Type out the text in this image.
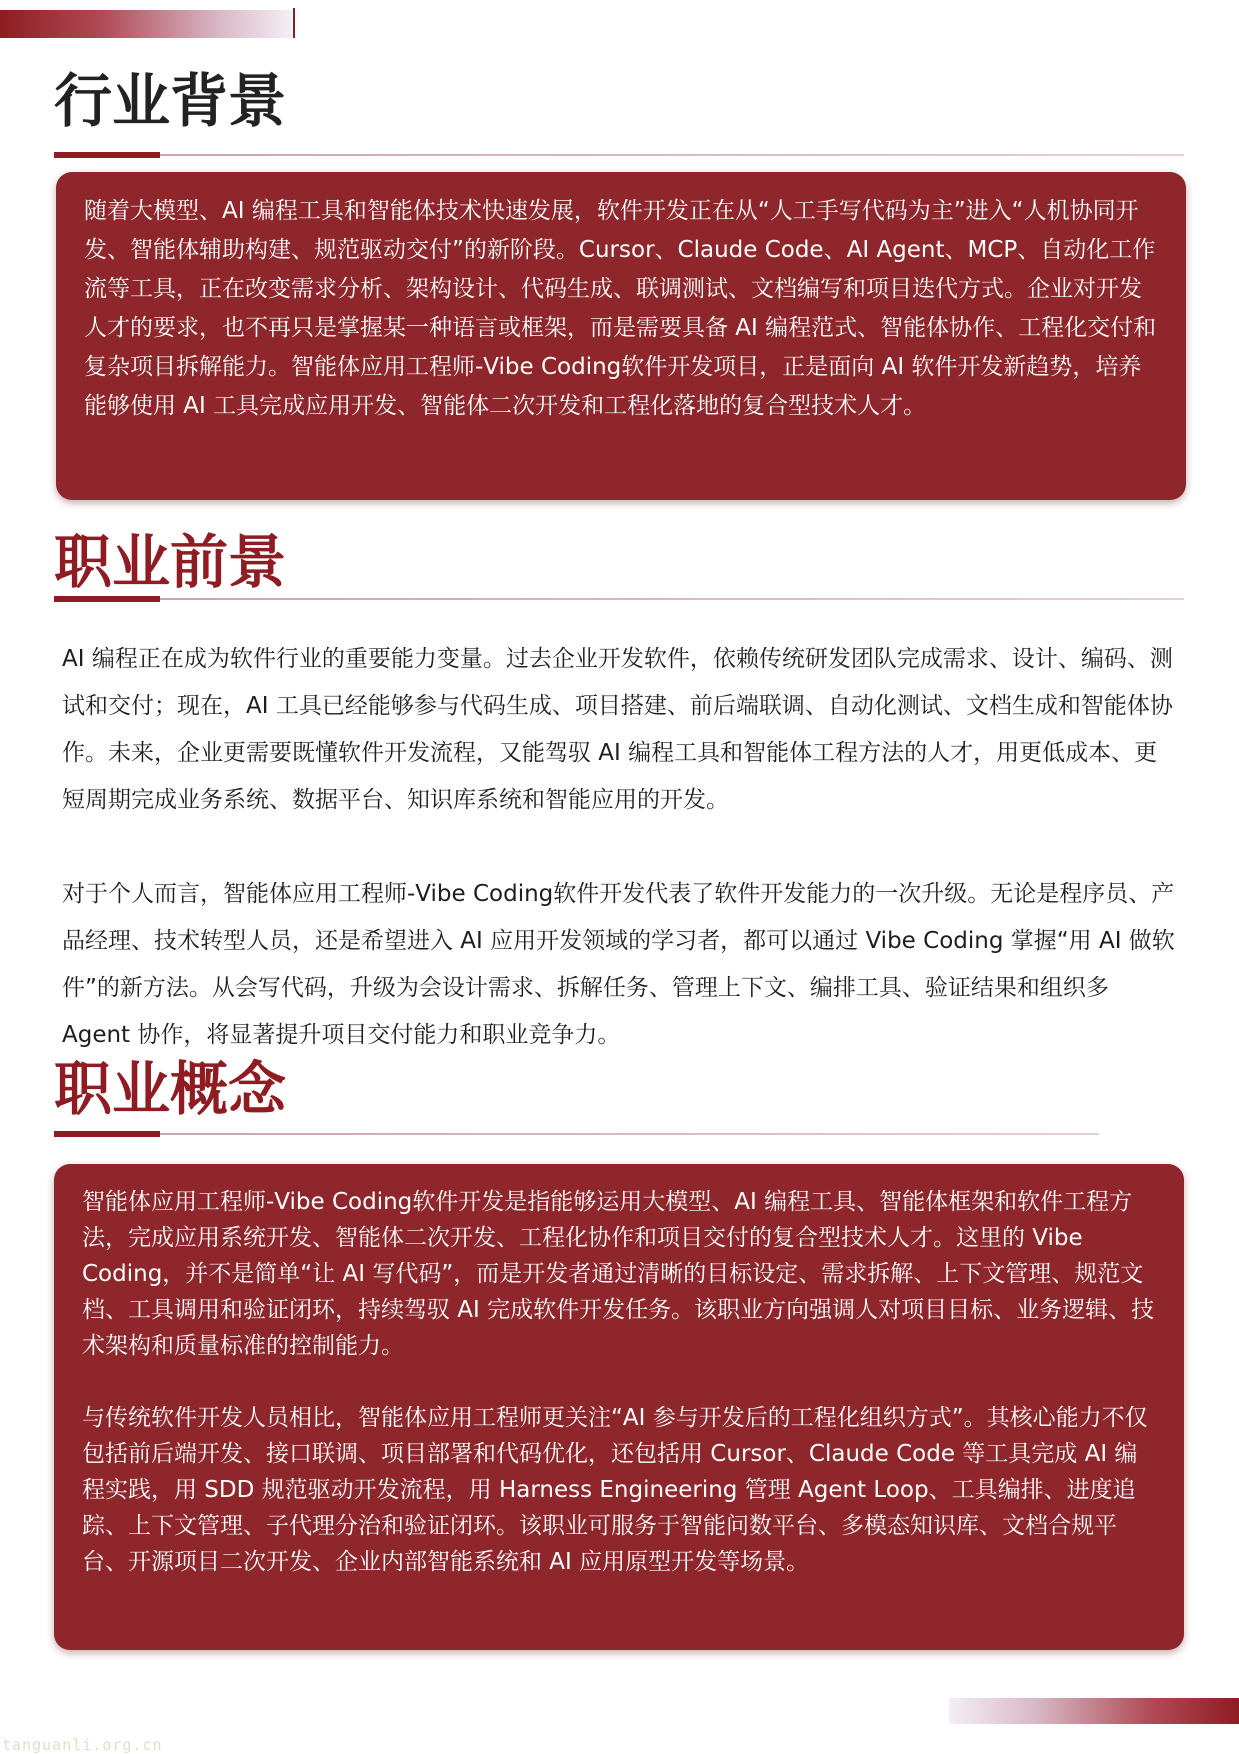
行业背景

随着大模型、AI 编程工具和智能体技术快速发展，软件开发正在从“人工手写代码为主”进入“人机协同开发、智能体辅助构建、规范驱动交付”的新阶段。Cursor、Claude Code、AI Agent、MCP、自动化工作流等工具，正在改变需求分析、架构设计、代码生成、联调测试、文档编写和项目迭代方式。企业对开发人才的要求，也不再只是掌握某一种语言或框架，而是需要具备 AI 编程范式、智能体协作、工程化交付和复杂项目拆解能力。智能体应用工程师-Vibe Coding软件开发项目，正是面向 AI 软件开发新趋势，培养能够使用 AI 工具完成应用开发、智能体二次开发和工程化落地的复合型技术人才。

职业前景

AI 编程正在成为软件行业的重要能力变量。过去企业开发软件，依赖传统研发团队完成需求、设计、编码、测试和交付；现在，AI 工具已经能够参与代码生成、项目搭建、前后端联调、自动化测试、文档生成和智能体协作。未来，企业更需要既懂软件开发流程，又能驾驭 AI 编程工具和智能体工程方法的人才，用更低成本、更短周期完成业务系统、数据平台、知识库系统和智能应用的开发。

对于个人而言，智能体应用工程师-Vibe Coding软件开发代表了软件开发能力的一次升级。无论是程序员、产品经理、技术转型人员，还是希望进入 AI 应用开发领域的学习者，都可以通过 Vibe Coding 掌握“用 AI 做软件”的新方法。从会写代码，升级为会设计需求、拆解任务、管理上下文、编排工具、验证结果和组织多 Agent 协作，将显著提升项目交付能力和职业竞争力。

职业概念

智能体应用工程师-Vibe Coding软件开发是指能够运用大模型、AI 编程工具、智能体框架和软件工程方法，完成应用系统开发、智能体二次开发、工程化协作和项目交付的复合型技术人才。这里的 Vibe Coding，并不是简单“让 AI 写代码”，而是开发者通过清晰的目标设定、需求拆解、上下文管理、规范文档、工具调用和验证闭环，持续驾驭 AI 完成软件开发任务。该职业方向强调人对项目目标、业务逻辑、技术架构和质量标准的控制能力。

与传统软件开发人员相比，智能体应用工程师更关注“AI 参与开发后的工程化组织方式”。其核心能力不仅包括前后端开发、接口联调、项目部署和代码优化，还包括用 Cursor、Claude Code 等工具完成 AI 编程实践，用 SDD 规范驱动开发流程，用 Harness Engineering 管理 Agent Loop、工具编排、进度追踪、上下文管理、子代理分治和验证闭环。该职业可服务于智能问数平台、多模态知识库、文档合规平台、开源项目二次开发、企业内部智能系统和 AI 应用原型开发等场景。

tanguanli.org.cn
